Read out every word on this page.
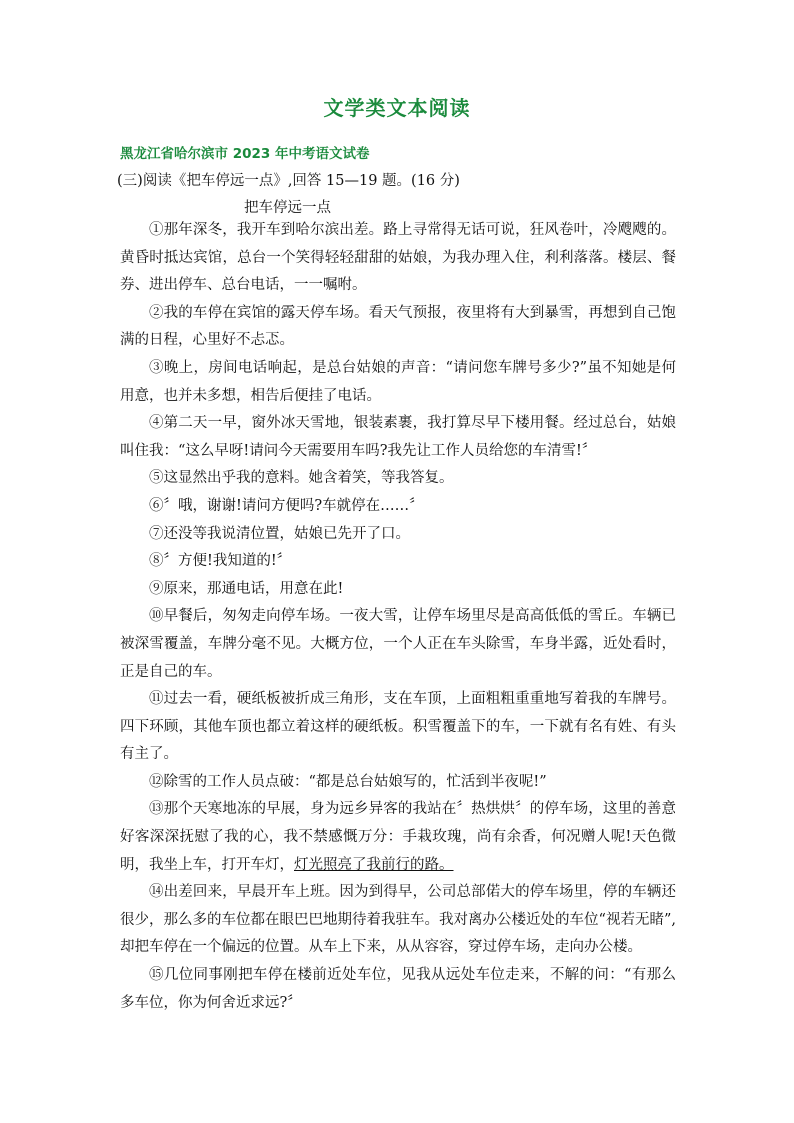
文学类文本阅读
黑龙江省哈尔滨市 2023 年中考语文试卷
(三)阅读《把车停远一点》,回答 15—19 题。(16 分)
把车停远一点

①那年深冬，我开车到哈尔滨出差。路上寻常得无话可说，狂风卷叶，冷飕飕的。黄昏时抵达宾馆，总台一个笑得轻轻甜甜的姑娘，为我办理入住，利利落落。楼层、餐券、进出停车、总台电话，一一嘱咐。

②我的车停在宾馆的露天停车场。看天气预报，夜里将有大到暴雪，再想到自己饱满的日程，心里好不忐忑。

③晚上，房间电话响起，是总台姑娘的声音：“请问您车牌号多少?”虽不知她是何用意，也并未多想，相告后便挂了电话。

④第二天一早，窗外冰天雪地，银装素裹，我打算尽早下楼用餐。经过总台，姑娘叫住我：“这么早呀!请问今天需要用车吗?我先让工作人员给您的车清雪!〞

⑤这显然出乎我的意料。她含着笑，等我答复。

⑥〞哦，谢谢!请问方便吗?车就停在……〞

⑦还没等我说清位置，姑娘已先开了口。

⑧〞方便!我知道的!〞

⑨原来，那通电话，用意在此!

⑩早餐后，匆匆走向停车场。一夜大雪，让停车场里尽是高高低低的雪丘。车辆已被深雪覆盖，车牌分毫不见。大概方位，一个人正在车头除雪，车身半露，近处看时，正是自己的车。

⑪过去一看，硬纸板被折成三角形，支在车顶，上面粗粗重重地写着我的车牌号。四下环顾，其他车顶也都立着这样的硬纸板。积雪覆盖下的车，一下就有名有姓、有头有主了。

⑫除雪的工作人员点破：“都是总台姑娘写的，忙活到半夜呢!”

⑬那个天寒地冻的早展，身为远乡异客的我站在〞热烘烘〞的停车场，这里的善意好客深深抚慰了我的心，我不禁感慨万分：手栽玫瑰，尚有余香，何况赠人呢!天色微明，我坐上车，打开车灯，灯光照亮了我前行的路。

⑭出差回来，早晨开车上班。因为到得早，公司总部偌大的停车场里，停的车辆还很少，那么多的车位都在眼巴巴地期待着我驻车。我对离办公楼近处的车位“视若无睹”,却把车停在一个偏远的位置。从车上下来，从从容容，穿过停车场，走向办公楼。

⑮几位同事刚把车停在楼前近处车位，见我从远处车位走来，不解的问：“有那么多车位，你为何舍近求远?〞
